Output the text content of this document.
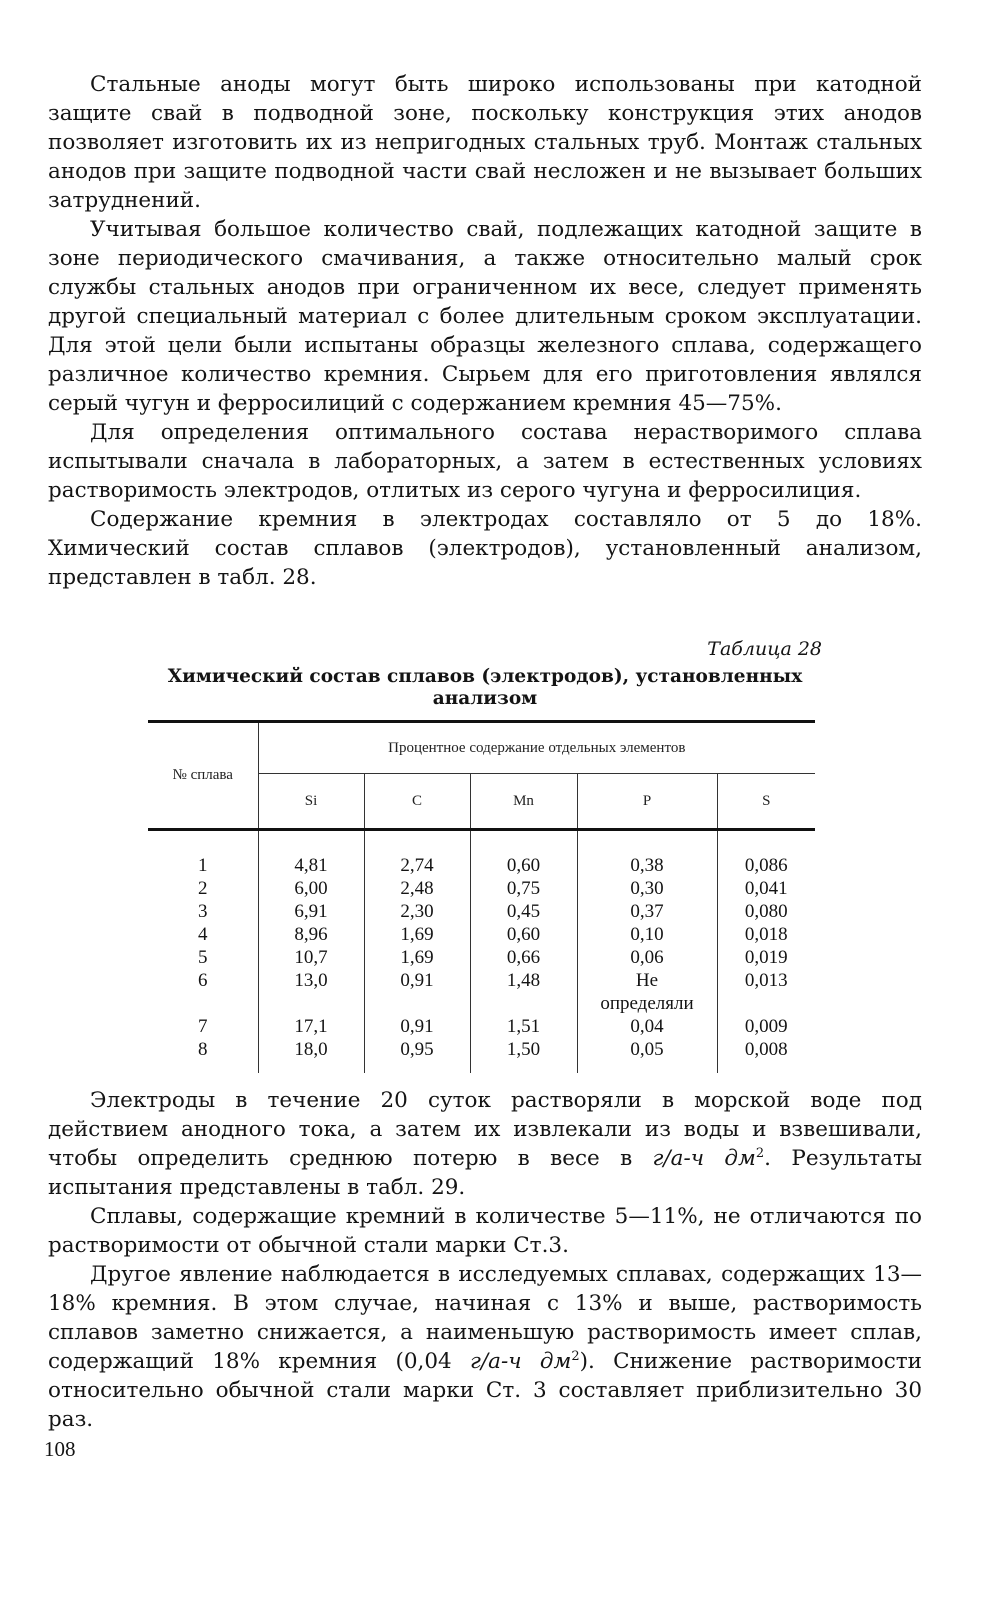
Стальные аноды могут быть широко использованы при катодной защите свай в подводной зоне, поскольку конструкция этих анодов позволяет изготовить их из непригодных стальных труб. Монтаж стальных анодов при защите подводной части свай несложен и не вызывает больших затруднений.

Учитывая большое количество свай, подлежащих катодной защите в зоне периодического смачивания, а также относительно малый срок службы стальных анодов при ограниченном их весе, следует применять другой специальный материал с более длительным сроком эксплуатации. Для этой цели были испытаны образцы железного сплава, содержащего различное количество кремния. Сырьем для его приготовления являлся серый чугун и ферросилиций с содержанием кремния 45—75%.

Для определения оптимального состава нерастворимого сплава испытывали сначала в лабораторных, а затем в естественных условиях растворимость электродов, отлитых из серого чугуна и ферросилиция.

Содержание кремния в электродах составляло от 5 до 18%. Химический состав сплавов (электродов), установленный анализом, представлен в табл. 28.

Таблица 28
Химический состав сплавов (электродов), установленных анализом
№ сплава	Процентное содержание отдельных элементов				
	Si	C	Mn	P	S
1	4,81	2,74	0,60	0,38	0,086
2	6,00	2,48	0,75	0,30	0,041
3	6,91	2,30	0,45	0,37	0,080
4	8,96	1,69	0,60	0,10	0,018
5	10,7	1,69	0,66	0,06	0,019
6	13,0	0,91	1,48	Не определяли	0,013
7	17,1	0,91	1,51	0,04	0,009
8	18,0	0,95	1,50	0,05	0,008

Электроды в течение 20 суток растворяли в морской воде под действием анодного тока, а затем их извлекали из воды и взвешивали, чтобы определить среднюю потерю в весе в г/а-ч $дм^2$. Результаты испытания представлены в табл. 29.

Сплавы, содержащие кремний в количестве 5—11%, не отличаются по растворимости от обычной стали марки Ст.3.

Другое явление наблюдается в исследуемых сплавах, содержащих 13—18% кремния. В этом случае, начиная с 13% и выше, растворимость сплавов заметно снижается, а наименьшую растворимость имеет сплав, содержащий 18% кремния (0,04 г/а-ч $дм^2$). Снижение растворимости относительно обычной стали марки Ст. 3 составляет приблизительно 30 раз.

108
